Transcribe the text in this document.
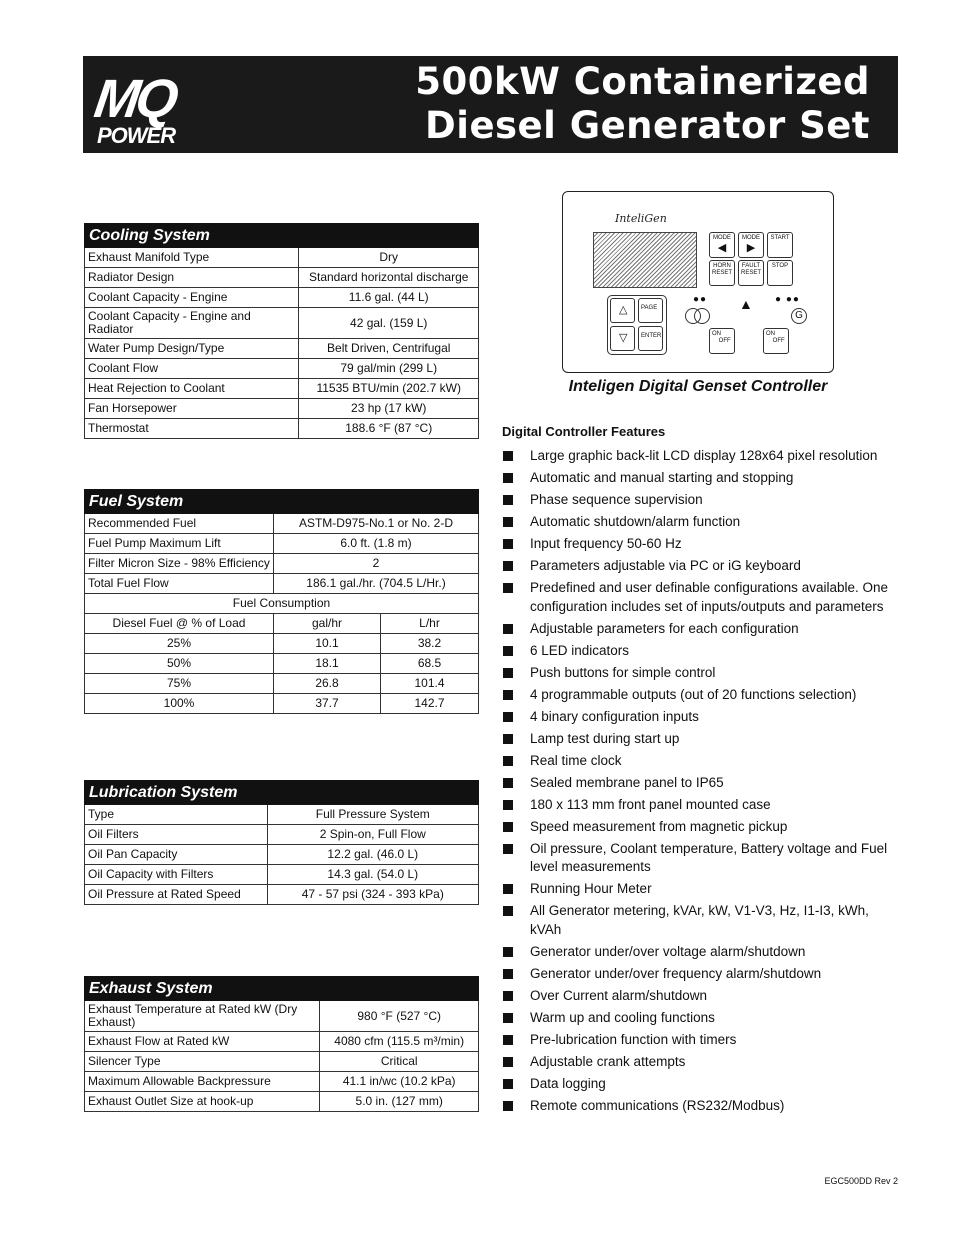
MQ
POWER
500kW Containerized
Diesel Generator Set
Cooling System	
Exhaust Manifold Type	Dry
Radiator Design	Standard horizontal discharge
Coolant Capacity - Engine	11.6 gal. (44 L)
Coolant Capacity - Engine and Radiator	42 gal. (159 L)
Water Pump Design/Type	Belt Driven, Centrifugal
Coolant Flow	79 gal/min (299 L)
Heat Rejection to Coolant	11535 BTU/min (202.7 kW)
Fan Horsepower	23 hp (17 kW)
Thermostat	188.6 °F (87 °C)
Fuel System		
Recommended Fuel	ASTM-D975-No.1 or No. 2-D	
Fuel Pump Maximum Lift	6.0 ft. (1.8 m)	
Filter Micron Size - 98% Efficiency	2	
Total Fuel Flow	186.1 gal./hr. (704.5 L/Hr.)	
Fuel Consumption		
Diesel Fuel @ % of Load	gal/hr	L/hr
25%	10.1	38.2
50%	18.1	68.5
75%	26.8	101.4
100%	37.7	142.7
Lubrication System	
Type	Full Pressure System
Oil Filters	2 Spin-on, Full Flow
Oil Pan Capacity	12.2 gal. (46.0 L)
Oil Capacity with Filters	14.3 gal. (54.0 L)
Oil Pressure at Rated Speed	47 - 57 psi (324 - 393 kPa)
Exhaust System	
Exhaust Temperature at Rated kW (Dry Exhaust)	980 °F (527 °C)
Exhaust Flow at Rated kW	4080 cfm (115.5 m³/min)
Silencer Type	Critical
Maximum Allowable Backpressure	41.1 in/wc (10.2 kPa)
Exhaust Outlet Size at hook-up	5.0 in. (127 mm)
InteliGen
MODE
◀
MODE
▶
START
HORN RESET
FAULT RESET
STOP
△	PAGE
▽	ENTER
●●	● ●●
▲
G
ON
OFF
ON
OFF
Inteligen Digital Genset Controller
Digital Controller Features
Large graphic back-lit LCD display 128x64 pixel resolution
Automatic and manual starting and stopping
Phase sequence supervision
Automatic shutdown/alarm function
Input frequency 50-60 Hz
Parameters adjustable via PC or iG keyboard
Predefined and user definable configurations available. One configuration includes set of inputs/outputs and parameters
Adjustable parameters for each configuration
6 LED indicators
Push buttons for simple control
4 programmable outputs (out of 20 functions selection)
4 binary configuration inputs
Lamp test during start up
Real time clock
Sealed membrane panel to IP65
180 x 113 mm front panel mounted case
Speed measurement from magnetic pickup
Oil pressure, Coolant temperature, Battery voltage and Fuel level measurements
Running Hour Meter
All Generator metering, kVAr, kW, V1-V3, Hz, I1-I3, kWh, kVAh
Generator under/over voltage alarm/shutdown
Generator under/over frequency alarm/shutdown
Over Current alarm/shutdown
Warm up and cooling functions
Pre-lubrication function with timers
Adjustable crank attempts
Data logging
Remote communications (RS232/Modbus)
EGC500DD Rev 2
